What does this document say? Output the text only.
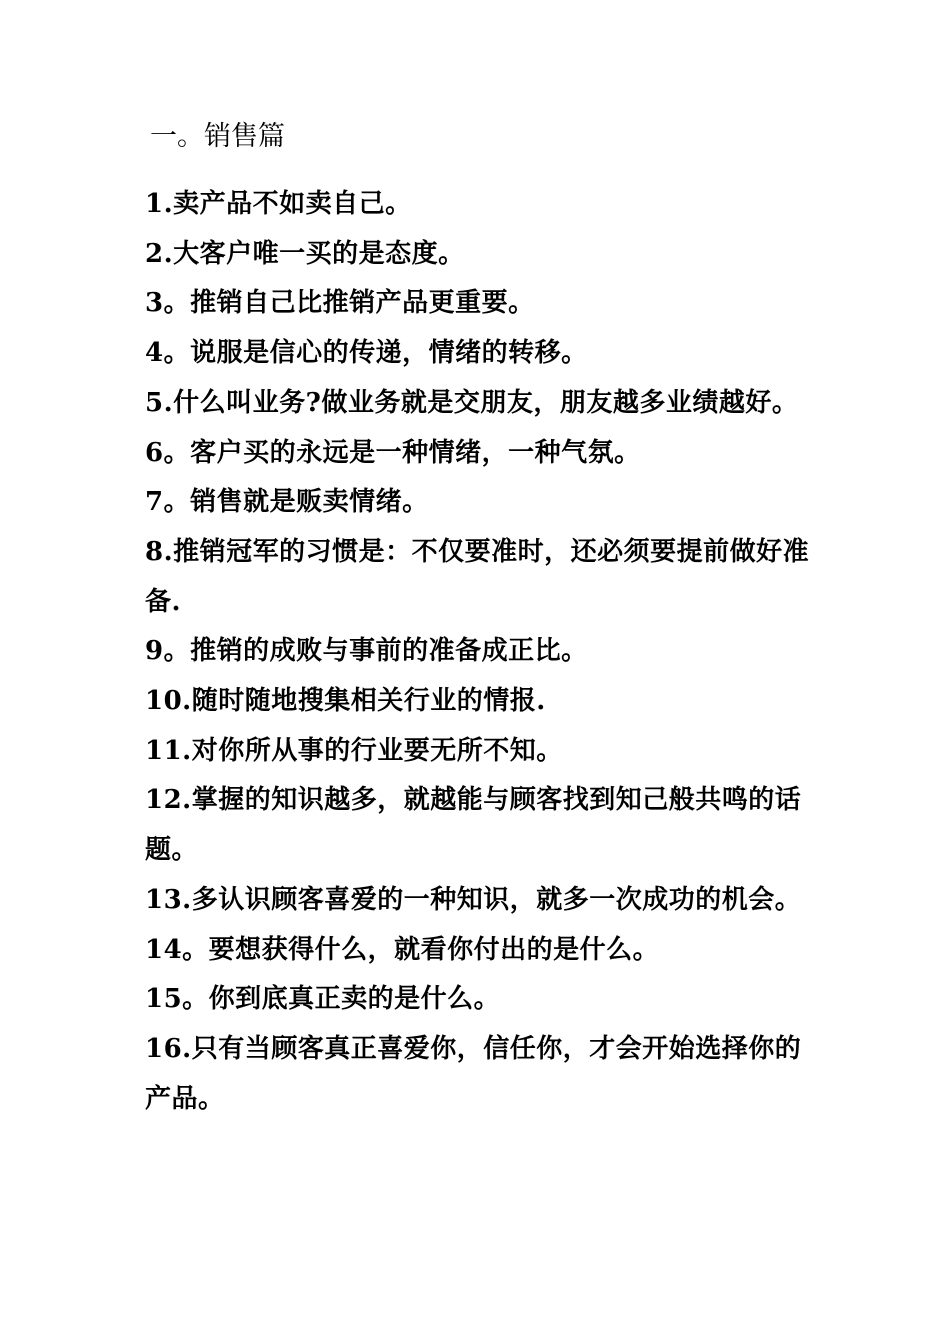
一。销售篇
1.卖产品不如卖自己。
2.大客户唯一买的是态度。
3。推销自己比推销产品更重要。
4。说服是信心的传递，情绪的转移。
5.什么叫业务?做业务就是交朋友，朋友越多业绩越好。
6。客户买的永远是一种情绪，一种气氛。
7。销售就是贩卖情绪。
8.推销冠军的习惯是：不仅要准时，还必须要提前做好准备.
9。推销的成败与事前的准备成正比。
10.随时随地搜集相关行业的情报.
11.对你所从事的行业要无所不知。
12.掌握的知识越多，就越能与顾客找到知己般共鸣的话题。
13.多认识顾客喜爱的一种知识，就多一次成功的机会。
14。要想获得什么，就看你付出的是什么。
15。你到底真正卖的是什么。
16.只有当顾客真正喜爱你，信任你，才会开始选择你的产品。
